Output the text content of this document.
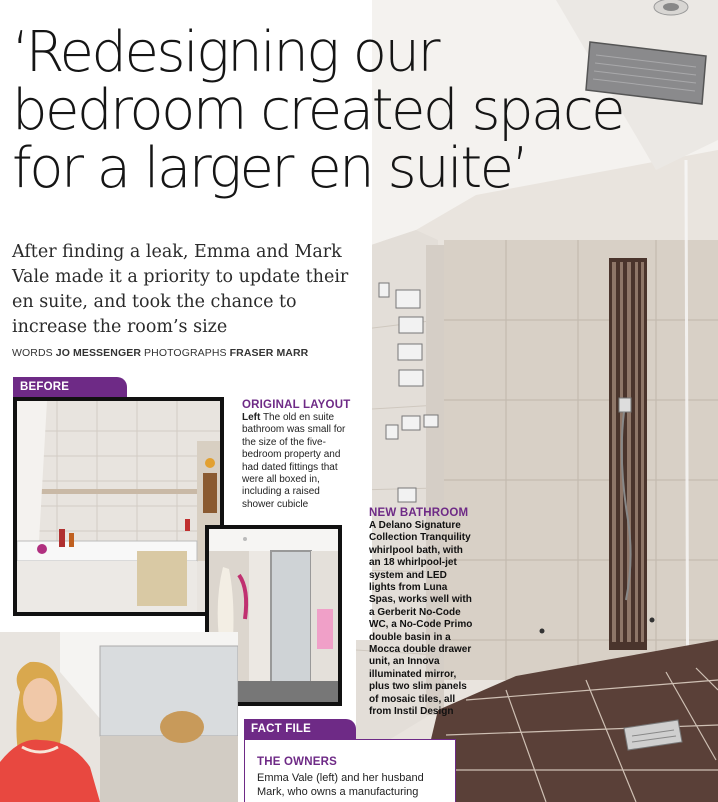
‘Redesigning our
bedroom created space
for a larger en suite’

After finding a leak, Emma and Mark Vale made it a priority to update their en suite, and took the chance to increase the room’s size

WORDS JO MESSENGER PHOTOGRAPHS FRASER MARR
BEFORE
ORIGINAL LAYOUT

Left The old en suite bathroom was small for the size of the five-bedroom property and had dated fittings that were all boxed in, including a raised shower cubicle

NEW BATHROOM

A Delano Signature Collection Tranquility whirlpool bath, with an 18 whirlpool-jet system and LED lights from Luna Spas, works well with a Gerberit No-Code WC, a No-Code Primo double basin in a Mocca double drawer unit, an Innova illuminated mirror, plus two slim panels of mosaic tiles, all from Instil Design

FACT FILE
THE OWNERS

Emma Vale (left) and her husband Mark, who owns a manufacturing
